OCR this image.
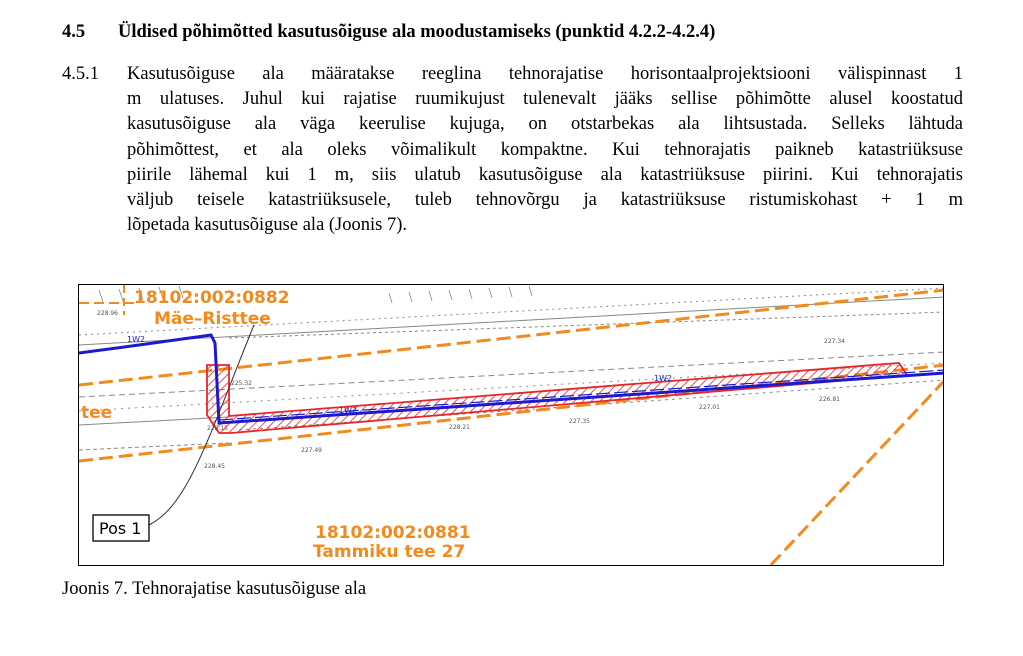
4.5 Üldised põhimõtted kasutusõiguse ala moodustamiseks (punktid 4.2.2-4.2.4)
4.5.1 Kasutusõiguse ala määratakse reeglina tehnorajatise horisontaalprojektsiooni välispinnast 1
m ulatuses. Juhul kui rajatise ruumikujust tulenevalt jääks sellise põhimõtte alusel koostatud
kasutusõiguse ala väga keerulise kujuga, on otstarbekas ala lihtsustada. Selleks lähtuda
põhimõttest, et ala oleks võimalikult kompaktne. Kui tehnorajatis paikneb katastriüksuse
piirile lähemal kui 1 m, siis ulatub kasutusõiguse ala katastriüksuse piirini. Kui tehnorajatis
väljub teisele katastriüksusele, tuleb tehnovõrgu ja katastriüksuse ristumiskohast + 1 m
lõpetada kasutusõiguse ala (Joonis 7).
1W2
1W2
1W2
228.96
225.32
228.15
227.49
228.45
228.21
227.35
227.01
226.81
227.34
18102:002:0882
Mäe–Risttee
tee
18102:002:0881
Tammiku tee 27
Pos 1
Joonis 7. Tehnorajatise kasutusõiguse ala
